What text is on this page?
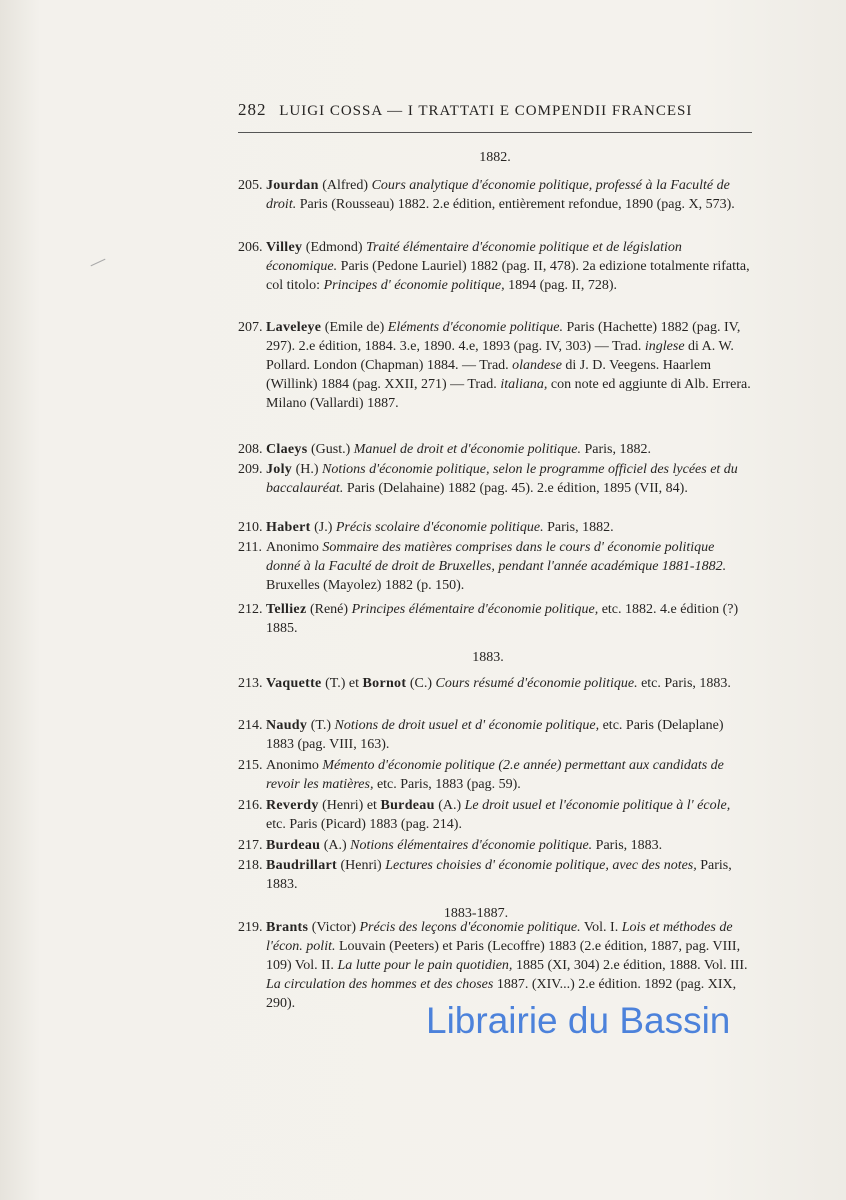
282 LUIGI COSSA — I TRATTATI E COMPENDII FRANCESI
1882.
205. Jourdan (Alfred) Cours analytique d'économie politique, professé à la Faculté de droit. Paris (Rousseau) 1882. 2.e édition, entièrement refondue, 1890 (pag. X, 573).
206. Villey (Edmond) Traité élémentaire d'économie politique et de législation économique. Paris (Pedone Lauriel) 1882 (pag. II, 478). 2a edizione totalmente rifatta, col titolo: Principes d' économie politique, 1894 (pag. II, 728).
207. Laveleye (Emile de) Eléments d'économie politique. Paris (Hachette) 1882 (pag. IV, 297). 2.e édition, 1884. 3.e, 1890. 4.e, 1893 (pag. IV, 303) — Trad. inglese di A. W. Pollard. London (Chapman) 1884. — Trad. olandese di J. D. Veegens. Haarlem (Willink) 1884 (pag. XXII, 271) — Trad. italiana, con note ed aggiunte di Alb. Errera. Milano (Vallardi) 1887.
208. Claeys (Gust.) Manuel de droit et d'économie politique. Paris, 1882.
209. Joly (H.) Notions d'économie politique, selon le programme officiel des lycées et du baccalauréat. Paris (Delahaine) 1882 (pag. 45). 2.e édition, 1895 (VII, 84).
210. Habert (J.) Précis scolaire d'économie politique. Paris, 1882.
211. Anonimo Sommaire des matières comprises dans le cours d' économie politique donné à la Faculté de droit de Bruxelles, pendant l'année académique 1881-1882. Bruxelles (Mayolez) 1882 (p. 150).
212. Telliez (René) Principes élémentaire d'économie politique, etc. 1882. 4.e édition (?) 1885.
1883.
213. Vaquette (T.) et Bornot (C.) Cours résumé d'économie politique. etc. Paris, 1883.
214. Naudy (T.) Notions de droit usuel et d' économie politique, etc. Paris (Delaplane) 1883 (pag. VIII, 163).
215. Anonimo Mémento d'économie politique (2.e année) permettant aux candidats de revoir les matières, etc. Paris, 1883 (pag. 59).
216. Reverdy (Henri) et Burdeau (A.) Le droit usuel et l'économie politique à l' école, etc. Paris (Picard) 1883 (pag. 214).
217. Burdeau (A.) Notions élémentaires d'économie politique. Paris, 1883.
218. Baudrillart (Henri) Lectures choisies d' économie politique, avec des notes, Paris, 1883.
1883-1887.
219. Brants (Victor) Précis des leçons d'économie politique. Vol. I. Lois et méthodes de l'écon. polit. Louvain (Peeters) et Paris (Lecoffre) 1883 (2.e édition, 1887, pag. VIII, 109) Vol. II. La lutte pour le pain quotidien, 1885 (XI, 304) 2.e édition, 1888. Vol. III. La circulation des hommes et des choses 1887. (XIV...) 2.e édition. 1892 (pag. XIX, 290).	Librairie du Bassin
